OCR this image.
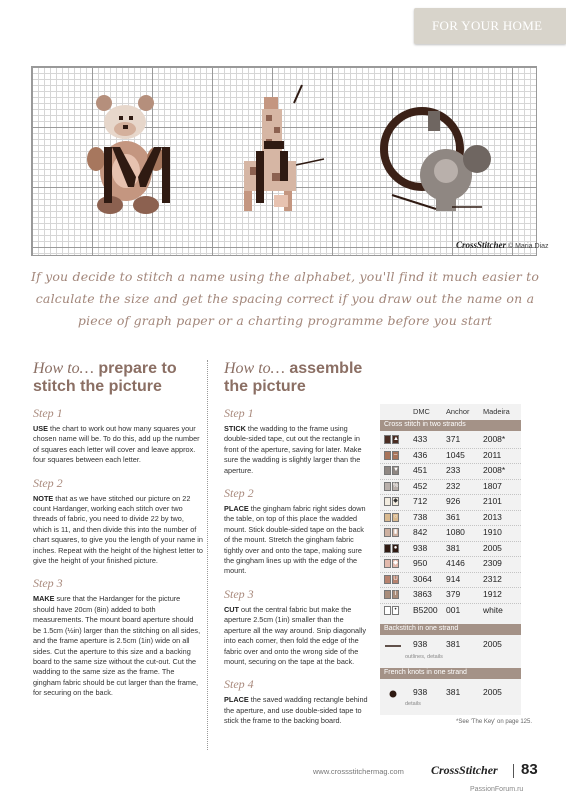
FOR YOUR HOME
CrossStitcher © Maria Diaz
If you decide to stitch a name using the alphabet, you'll find it much easier to calculate the size and get the spacing correct if you draw out the name on a piece of graph paper or a charting programme before you start
How to… prepare to stitch the picture
Step 1

USE the chart to work out how many squares your chosen name will be. To do this, add up the number of squares each letter will cover and leave approx. four squares between each letter.

Step 2

NOTE that as we have stitched our picture on 22 count Hardanger, working each stitch over two threads of fabric, you need to divide 22 by two, which is 11, and then divide this into the number of chart squares, to give you the length of your name in inches. Repeat with the height of the highest letter to give the height of your finished picture.

Step 3

MAKE sure that the Hardanger for the picture should have 20cm (8in) added to both measurements. The mount board aperture should be 1.5cm (½in) larger than the stitching on all sides, and the frame aperture is 2.5cm (1in) wide on all sides. Cut the aperture to this size and a backing board to the same size without the cut-out. Cut the wadding to the same size as the frame. The gingham fabric should be cut larger than the frame, for securing on the back.

How to… assemble the picture
Step 1

STICK the wadding to the frame using double-sided tape, cut out the rectangle in front of the aperture, saving for later. Make sure the wadding is slightly larger than the aperture.

Step 2

PLACE the gingham fabric right sides down the table, on top of this place the wadded mount. Stick double-sided tape on the back of the mount. Stretch the gingham fabric tightly over and onto the tape, making sure the gingham lines up with the edge of the mount.

Step 3

CUT out the central fabric but make the aperture 2.5cm (1in) smaller than the aperture all the way around. Snip diagonally into each corner, then fold the edge of the fabric over and onto the wrong side of the mount, securing on the tape at the back.

Step 4

PLACE the saved wadding rectangle behind the aperture, and use double-sided tape to stick the frame to the backing board.

DMC Anchor Madeira
Cross stitch in two strands
▲ 433 371	2008*
– 436 1045 2011
▼ 451 233	2008*
% 452 232	1807
◆ 712 926	2101
○ 738 361	2013
▮ 842 1080 1910
● 938 381	2005
◆ 950 4146 2309
U 3064 914	2312
I	3863 379	1912
• B5200 001	white
Backstitch in one strand
938 381	2005
outlines, details
French knots in one strand
938 381	2005
details
*See 'The Key' on page 125.
www.crossstitchermag.com CrossStitcher 83
PassionForum.ru
